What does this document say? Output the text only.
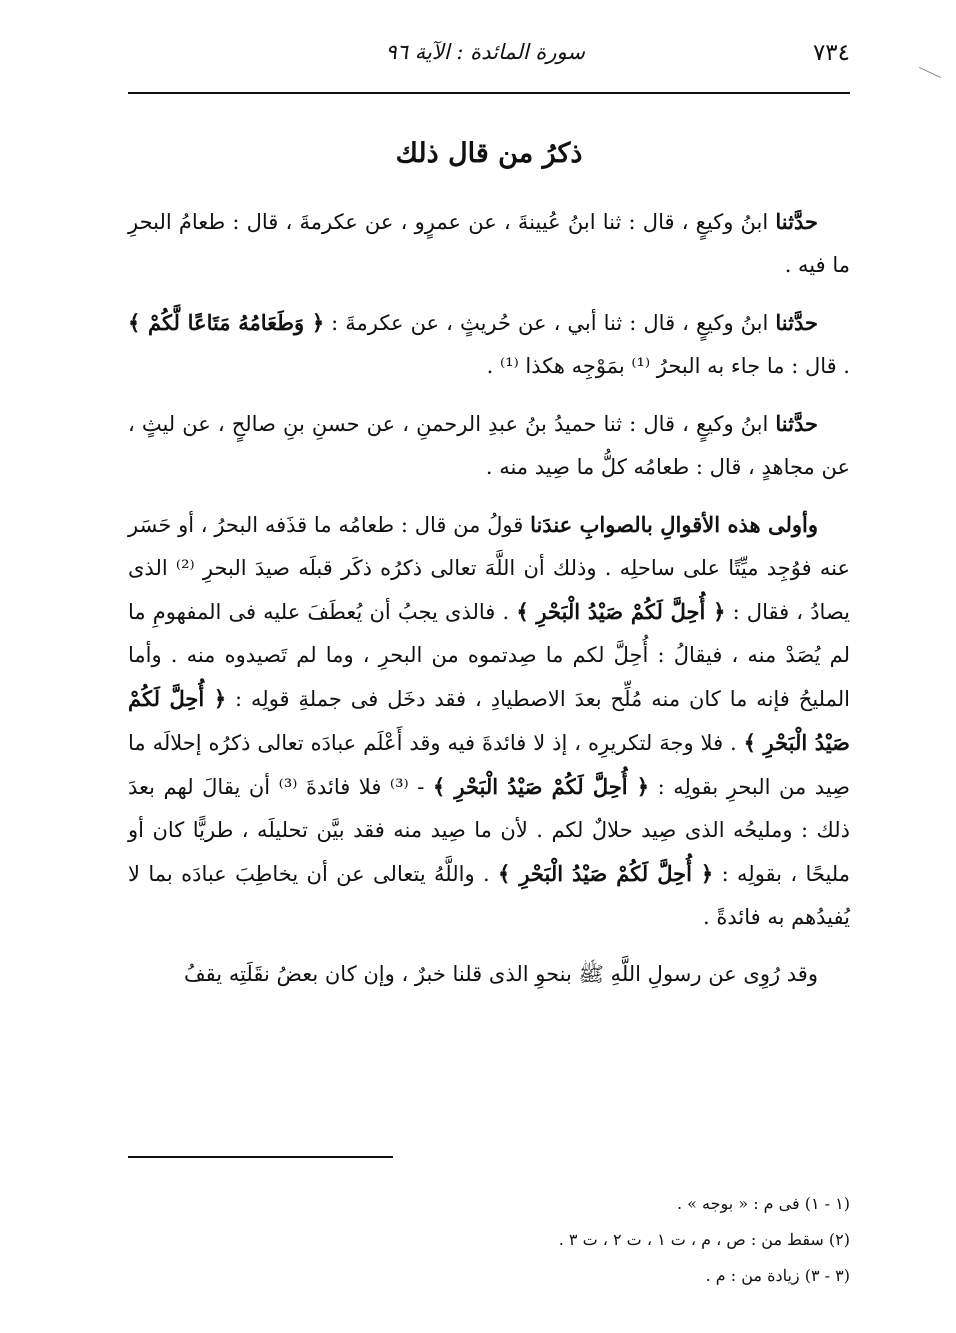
٧٣٤
سورة المائدة : الآية ٩٦
ذكرُ من قال ذلك

حدَّثنا ابنُ وكيعٍ ، قال : ثنا ابنُ عُيينةَ ، عن عمرٍو ، عن عكرمةَ ، قال : طعامُ البحرِ ما فيه .

حدَّثنا ابنُ وكيعٍ ، قال : ثنا أبي ، عن حُريثٍ ، عن عكرمةَ : ﴿ وَطَعَامُهُ مَتَاعًا لَّكُمْ ﴾ . قال : ما جاء به البحرُ ⁽¹⁾ بمَوْجِه هكذا ⁽¹⁾ .

حدَّثنا ابنُ وكيعٍ ، قال : ثنا حميدُ بنُ عبدِ الرحمنِ ، عن حسنِ بنِ صالحٍ ، عن ليثٍ ، عن مجاهدٍ ، قال : طعامُه كلُّ ما صِيد منه .

وأولى هذه الأقوالِ بالصوابِ عندَنا قولُ من قال : طعامُه ما قذَفه البحرُ ، أو حَسَر عنه فوُجِد ميِّتًا على ساحلِه . وذلك أن اللَّهَ تعالى ذكرُه ذكَر قبلَه صيدَ البحرِ ⁽²⁾ الذى يصادُ ، فقال : ﴿ أُحِلَّ لَكُمْ صَيْدُ الْبَحْرِ ﴾ . فالذى يجبُ أن يُعطَفَ عليه فى المفهومِ ما لم يُصَدْ منه ، فيقالُ : أُحِلَّ لكم ما صِدتموه من البحرِ ، وما لم تَصيدوه منه . وأما المليحُ فإنه ما كان منه مُلِّح بعدَ الاصطيادِ ، فقد دخَل فى جملةِ قولِه : ﴿ أُحِلَّ لَكُمْ صَيْدُ الْبَحْرِ ﴾ . فلا وجهَ لتكريرِه ، إذ لا فائدةَ فيه وقد أَعْلَم عبادَه تعالى ذكرُه إحلالَه ما صِيد من البحرِ بقولِه : ﴿ أُحِلَّ لَكُمْ صَيْدُ الْبَحْرِ ﴾ - ⁽³⁾ فلا فائدةَ ⁽³⁾ أن يقالَ لهم بعدَ ذلك : ومليحُه الذى صِيد حلالٌ لكم . لأن ما صِيد منه فقد بيَّن تحليلَه ، طريًّا كان أو مليحًا ، بقولِه : ﴿ أُحِلَّ لَكُمْ صَيْدُ الْبَحْرِ ﴾ . واللَّهُ يتعالى عن أن يخاطِبَ عبادَه بما لا يُفيدُهم به فائدةً .

وقد رُوِى عن رسولِ اللَّهِ ﷺ بنحوِ الذى قلنا خبرٌ ، وإن كان بعضُ نقَلَتِه يقفُ

(١ - ١) فى م : « بوجه » .

(٢) سقط من : ص ، م ، ت ١ ، ت ٢ ، ت ٣ .

(٣ - ٣) زيادة من : م .
